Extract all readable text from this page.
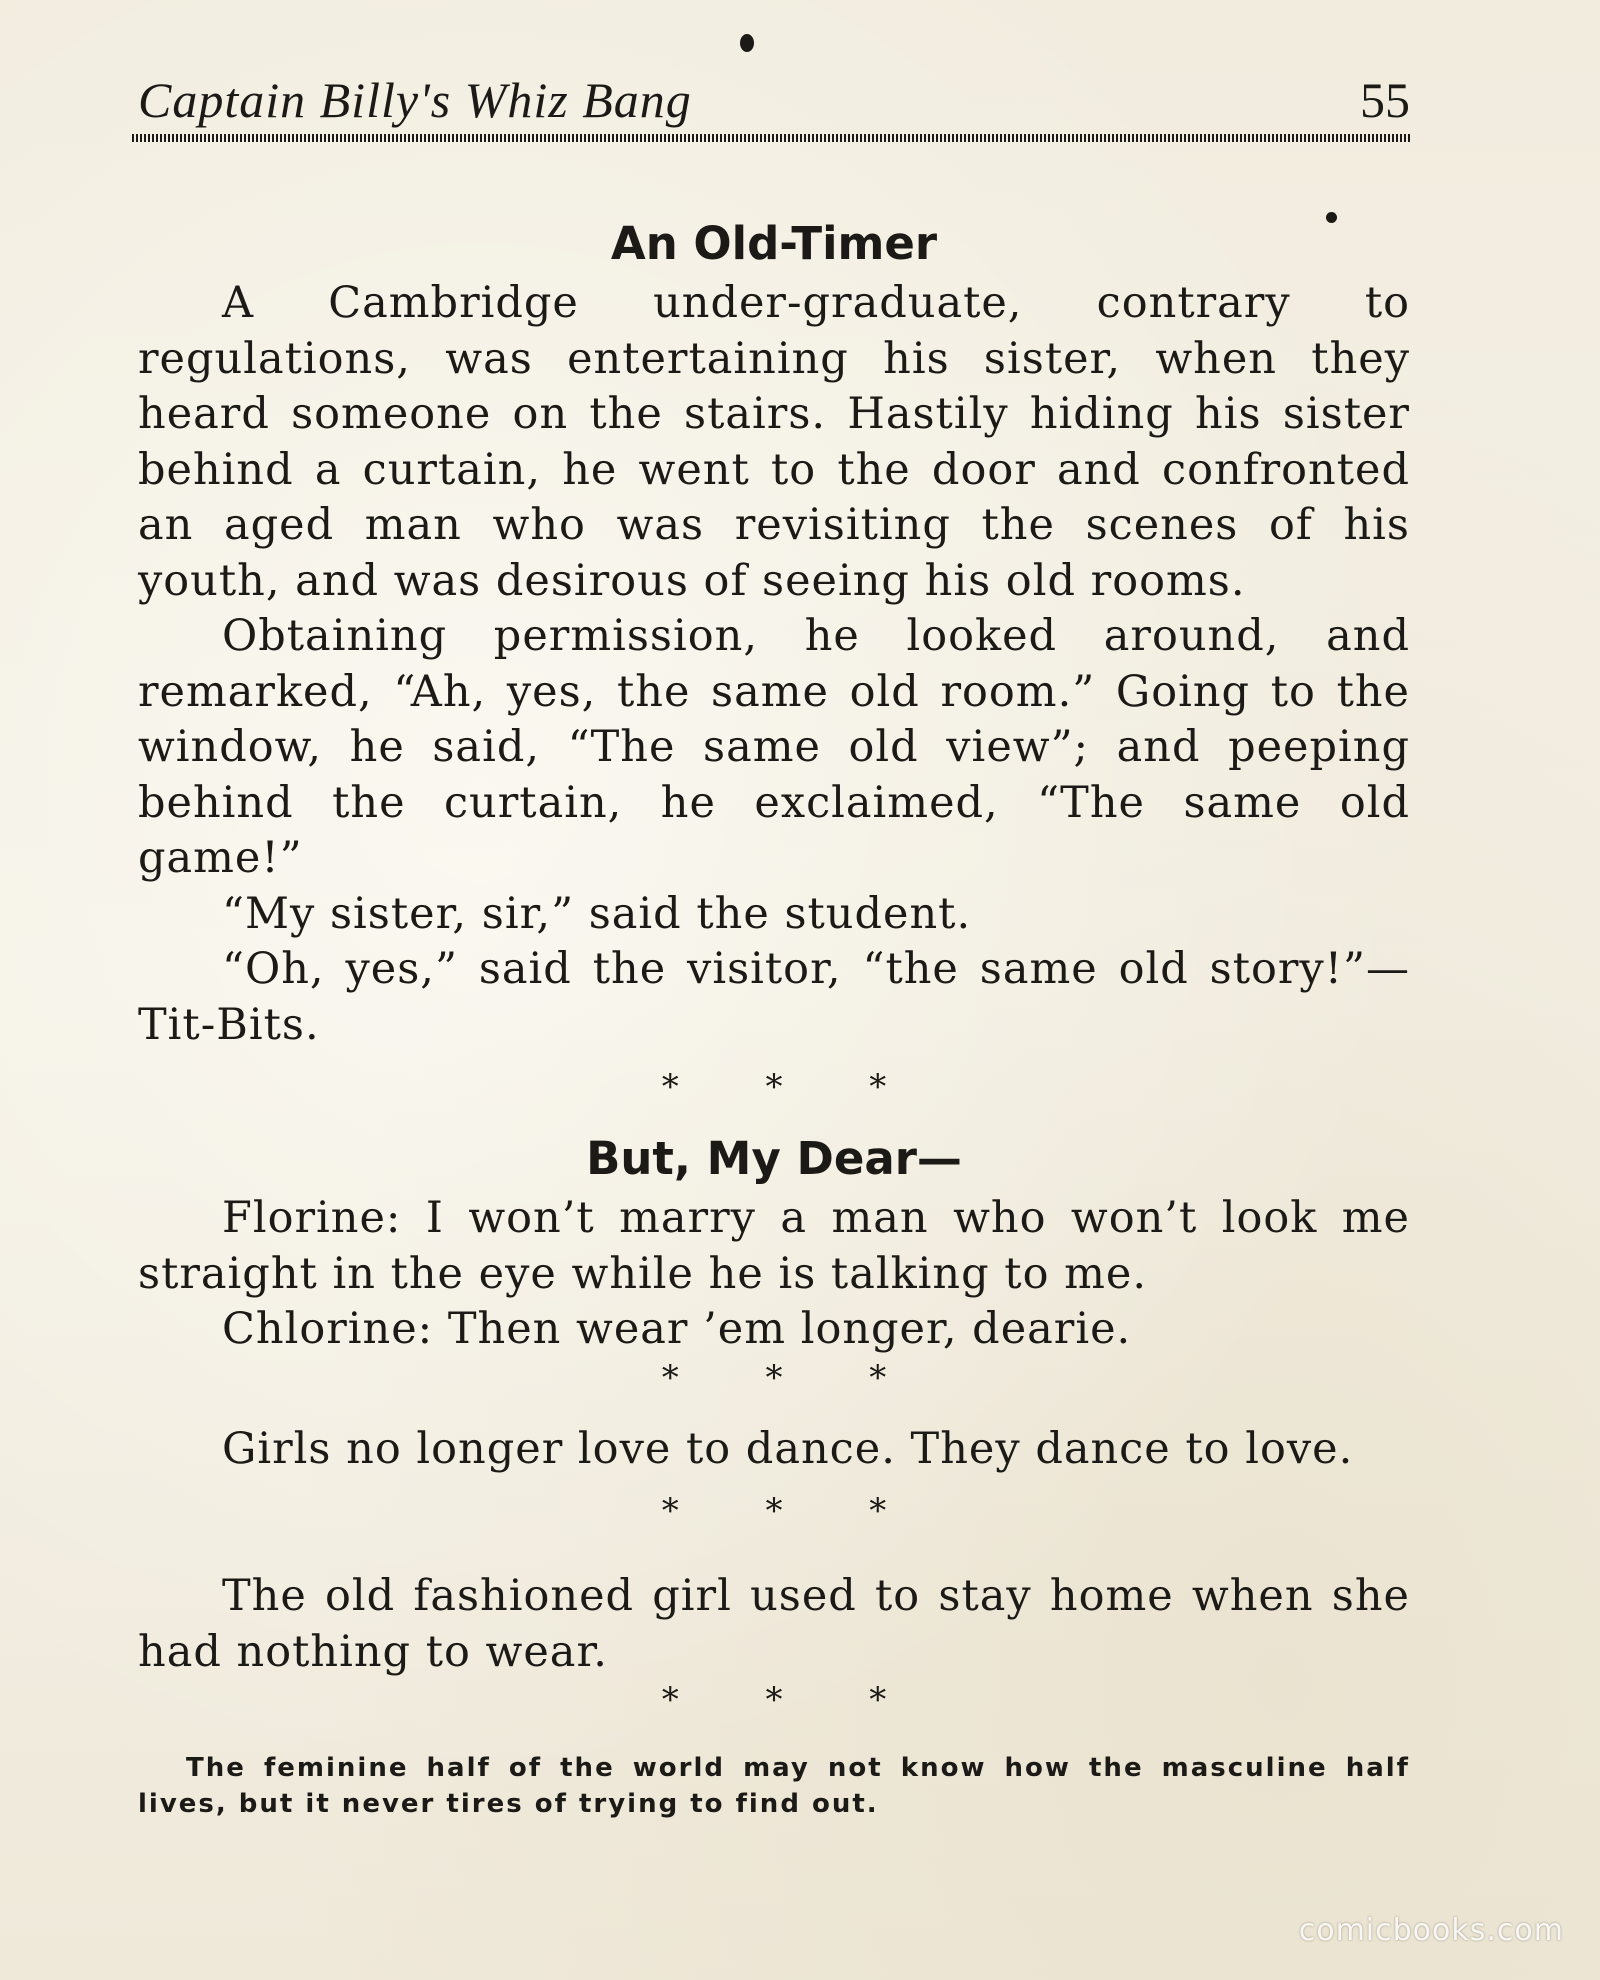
Captain Billy's Whiz Bang	55
An Old-Timer

A Cambridge under-graduate, contrary to regulations, was entertaining his sister, when they heard someone on the stairs. Hastily hiding his sister behind a curtain, he went to the door and confronted an aged man who was revisiting the scenes of his youth, and was desirous of seeing his old rooms.

Obtaining permission, he looked around, and remarked, “Ah, yes, the same old room.” Going to the window, he said, “The same old view”; and peeping behind the curtain, he exclaimed, “The same old game!”

“My sister, sir,” said the student.

“Oh, yes,” said the visitor, “the same old story!”—Tit-Bits.

* * *

But, My Dear—

Florine: I won’t marry a man who won’t look me straight in the eye while he is talking to me.

Chlorine: Then wear ’em longer, dearie.

* * *

Girls no longer love to dance. They dance to love.

* * *

The old fashioned girl used to stay home when she had nothing to wear.

* * *

The feminine half of the world may not know how the masculine half lives, but it never tires of trying to find out.

comicbooks.com
